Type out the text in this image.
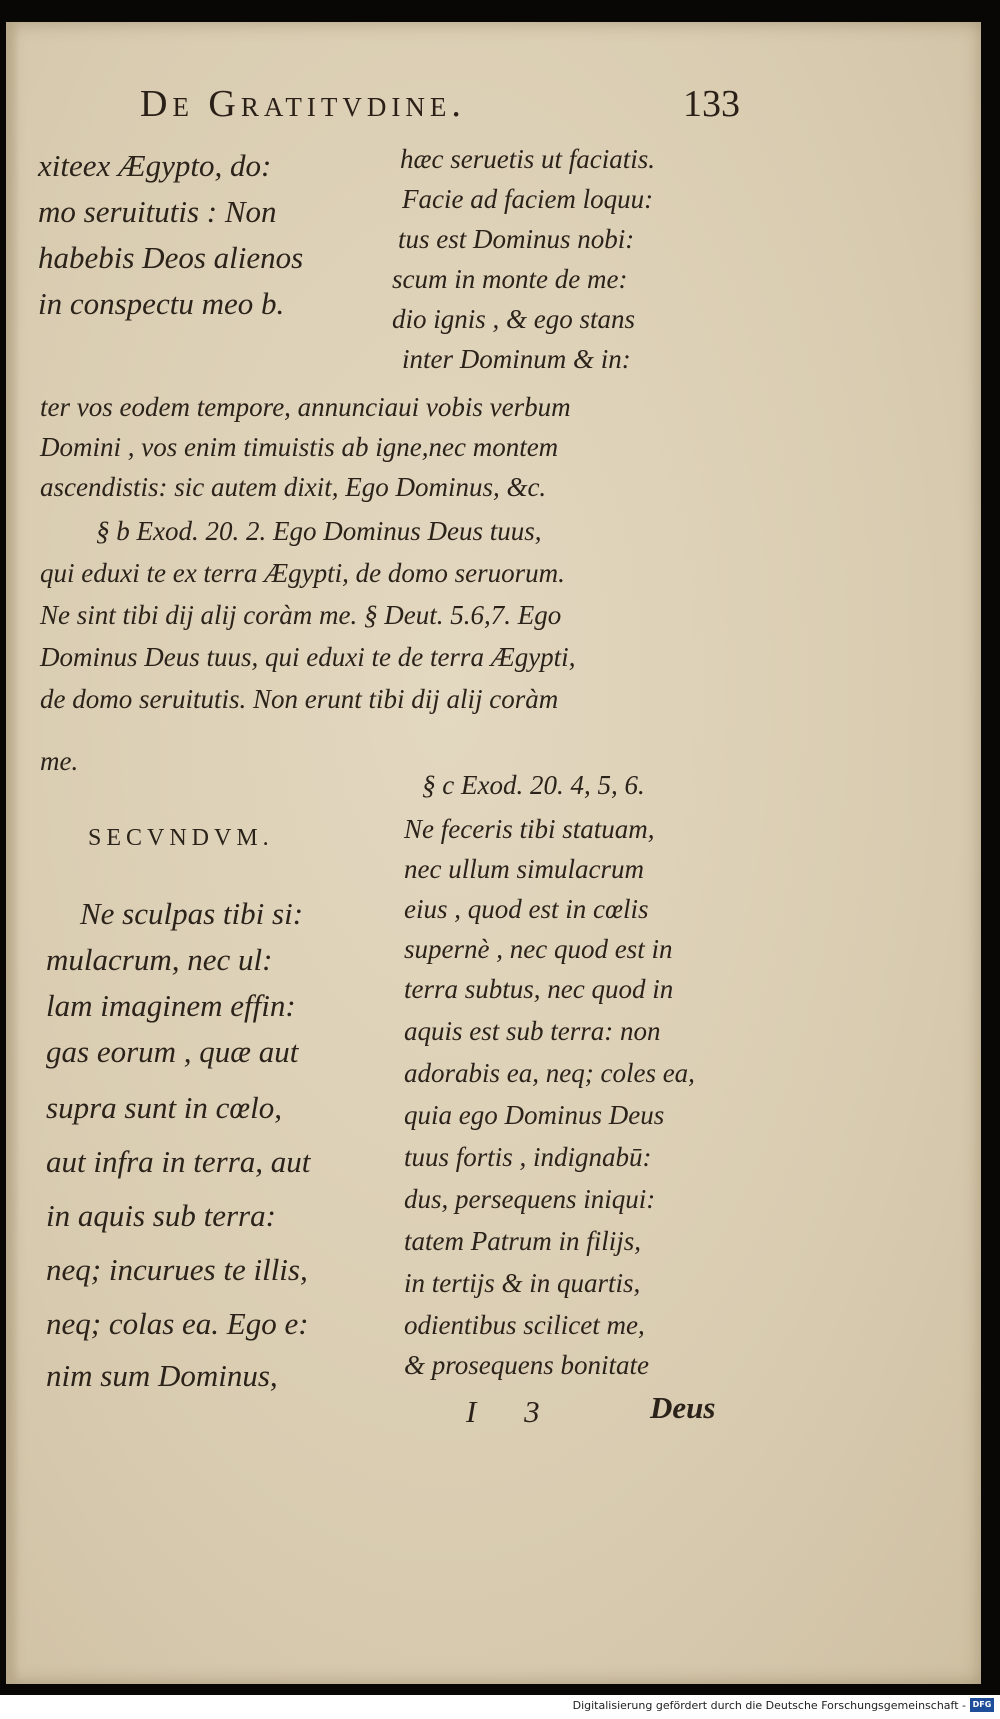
De Gratitvdine.	133
xiteex Ægypto, do:
mo seruitutis : Non
habebis Deos alienos
in conspectu meo b.
hæc seruetis ut faciatis.
Facie ad faciem loquu:
tus est Dominus nobi:
scum in monte de me:
dio ignis , & ego stans
inter Dominum & in:
ter vos eodem tempore, annunciaui vobis verbum
Domini , vos enim timuistis ab igne,nec montem
ascendistis: sic autem dixit, Ego Dominus, &c.
§ b Exod. 20. 2. Ego Dominus Deus tuus,
qui eduxi te ex terra Ægypti, de domo seruorum.
Ne sint tibi dij alij coràm me. § Deut. 5.6,7. Ego
Dominus Deus tuus, qui eduxi te de terra Ægypti,
de domo seruitutis. Non erunt tibi dij alij coràm
me.
SECVNDVM.
Ne sculpas tibi si:
mulacrum, nec ul:
lam imaginem effin:
gas eorum , quæ aut
supra sunt in cœlo,
aut infra in terra, aut
in aquis sub terra:
neq; incurues te illis,
neq; colas ea. Ego e:
nim sum Dominus,
§ c Exod. 20. 4, 5, 6.
Ne feceris tibi statuam,
nec ullum simulacrum
eius , quod est in cœlis
supernè , nec quod est in
terra subtus, nec quod in
aquis est sub terra: non
adorabis ea, neq; coles ea,
quia ego Dominus Deus
tuus fortis , indignabū:
dus, persequens iniqui:
tatem Patrum in filijs,
in tertijs & in quartis,
odientibus scilicet me,
& prosequens bonitate
I 3	Deus
Digitalisierung gefördert durch die Deutsche Forschungsgemeinschaft - DFG
